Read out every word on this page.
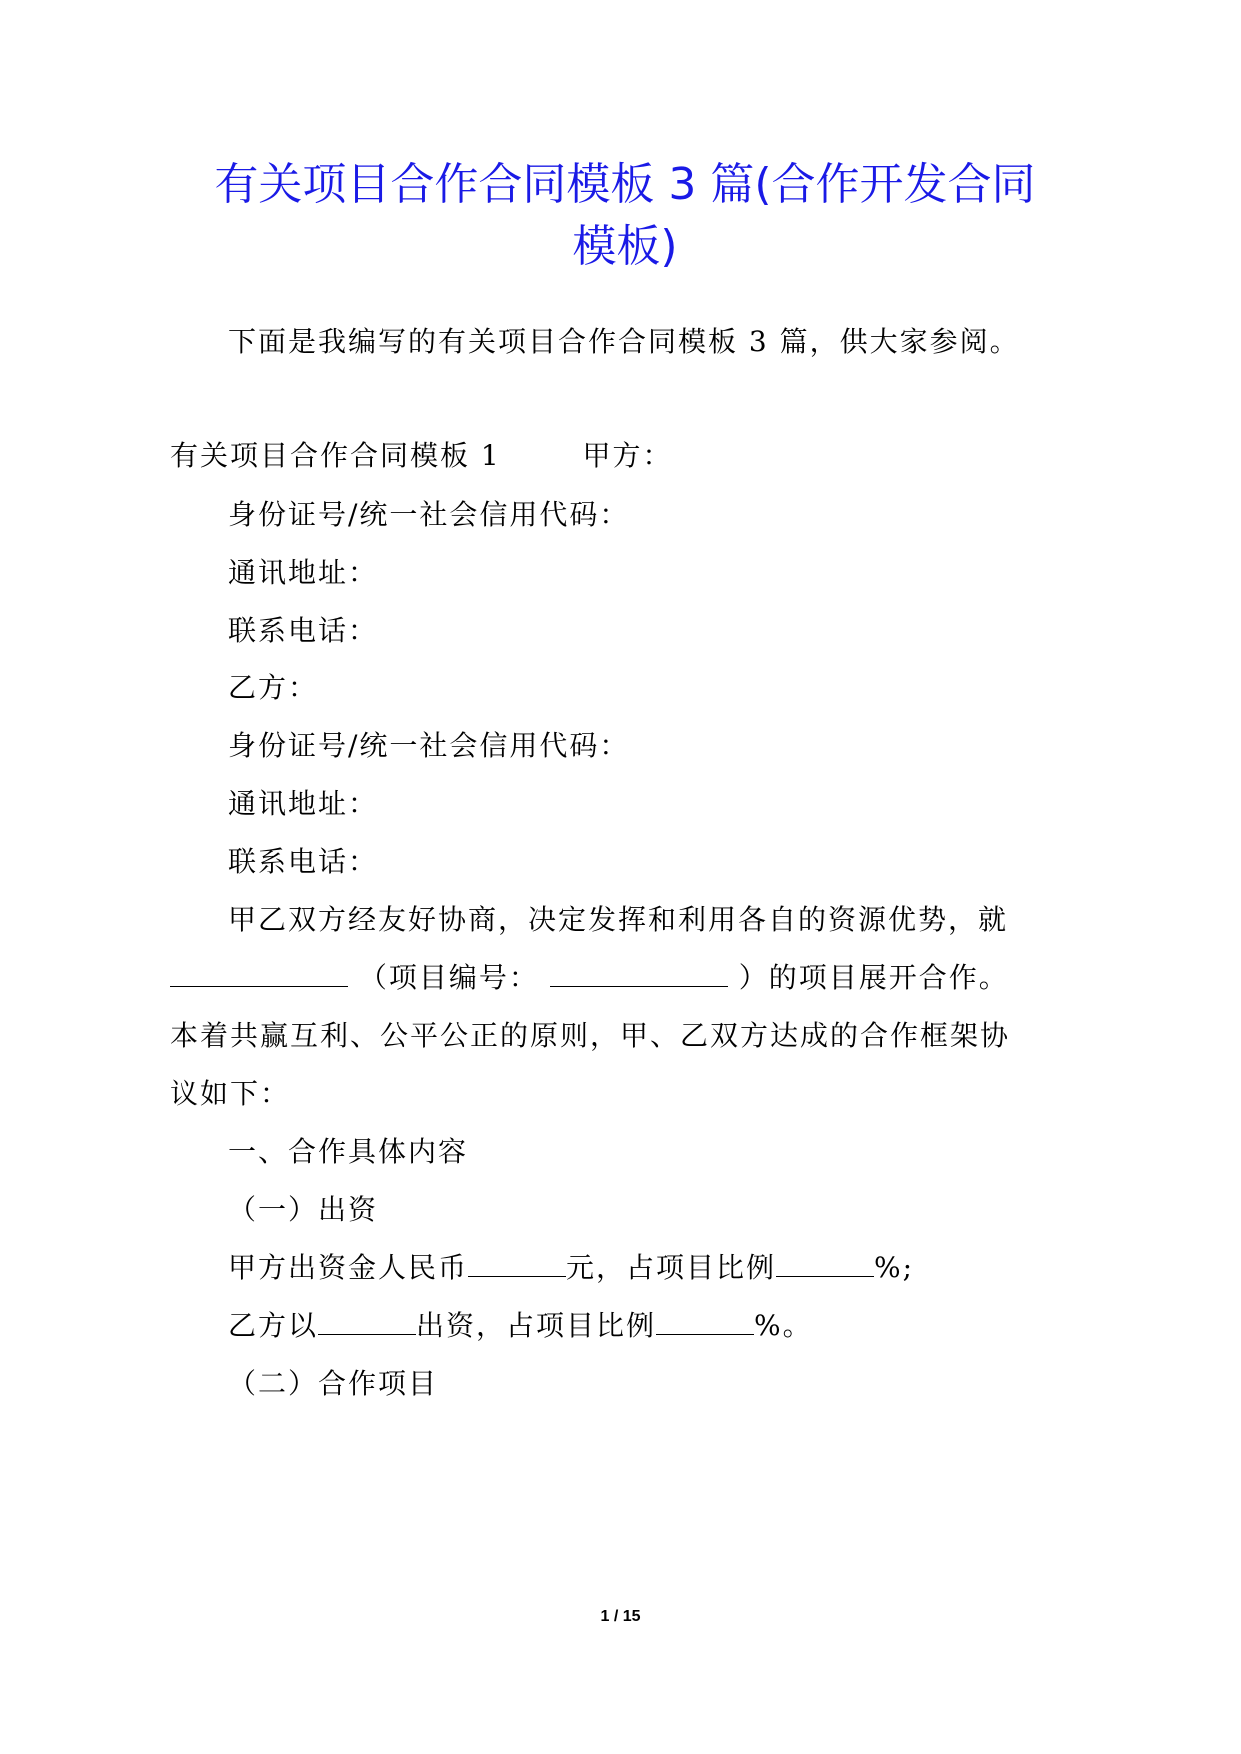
有关项目合作合同模板 3 篇(合作开发合同
模板)
下面是我编写的有关项目合作合同模板 3 篇，供大家参阅。
有关项目合作合同模板 1	甲方：
身份证号/统一社会信用代码：
通讯地址：
联系电话：
乙方：
身份证号/统一社会信用代码：
通讯地址：
联系电话：
甲乙双方经友好协商，决定发挥和利用各自的资源优势，就
（项目编号：	）的项目展开合作。
本着共赢互利、公平公正的原则，甲、乙双方达成的合作框架协
议如下：
一、合作具体内容
（一）出资
甲方出资金人民币	元，占项目比例	%;
乙方以	出资，占项目比例	%。
（二）合作项目
1 / 15
